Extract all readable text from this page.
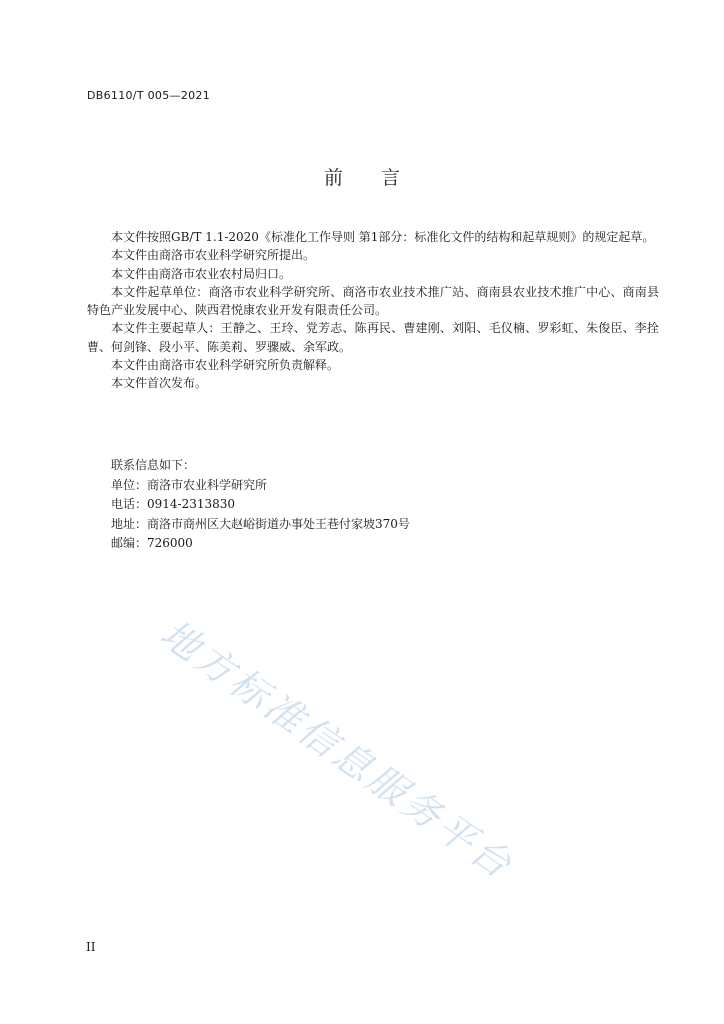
DB6110/T 005—2021
前 言

本文件按照GB/T 1.1-2020《标准化工作导则 第1部分：标准化文件的结构和起草规则》的规定起草。

本文件由商洛市农业科学研究所提出。

本文件由商洛市农业农村局归口。

本文件起草单位：商洛市农业科学研究所、商洛市农业技术推广站、商南县农业技术推广中心、商南县特色产业发展中心、陕西君悦康农业开发有限责任公司。

本文件主要起草人：王静之、王玲、党芳志、陈再民、曹建刚、刘阳、毛仪楠、罗彩虹、朱俊臣、李拴曹、何剑锋、段小平、陈美莉、罗骤威、余军政。

本文件由商洛市农业科学研究所负责解释。

本文件首次发布。

联系信息如下：
单位：商洛市农业科学研究所
电话：0914-2313830
地址：商洛市商州区大赵峪街道办事处王巷付家坡370号
邮编：726000
地方标准信息服务平台
II
